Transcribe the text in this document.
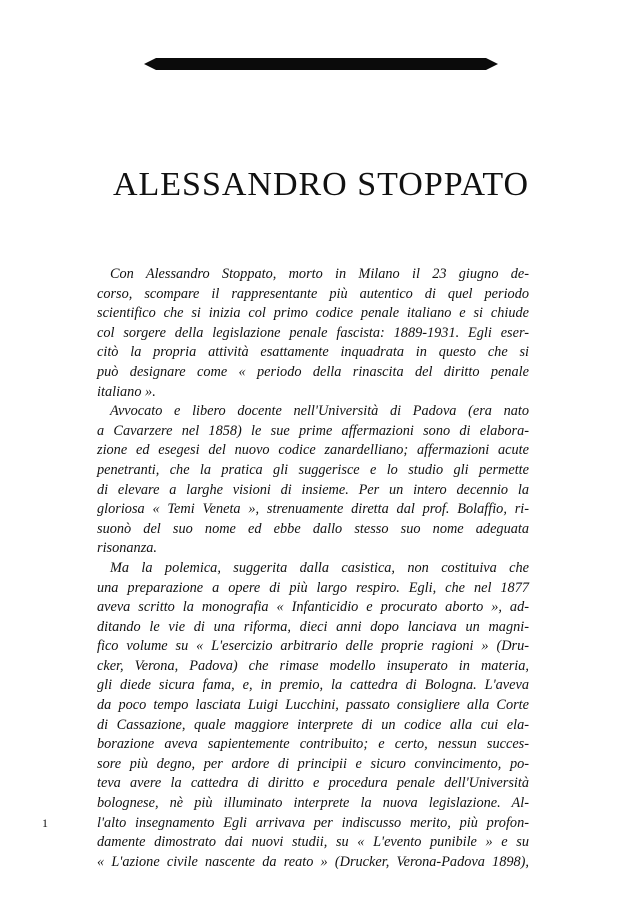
ALESSANDRO STOPPATO
Con Alessandro Stoppato, morto in Milano il 23 giugno de-
corso, scompare il rappresentante più autentico di quel periodo
scientifico che si inizia col primo codice penale italiano e si chiude
col sorgere della legislazione penale fascista: 1889-1931. Egli eser-
citò la propria attività esattamente inquadrata in questo che si
può designare come « periodo della rinascita del diritto penale
italiano ».
Avvocato e libero docente nell'Università di Padova (era nato
a Cavarzere nel 1858) le sue prime affermazioni sono di elabora-
zione ed esegesi del nuovo codice zanardelliano; affermazioni acute
penetranti, che la pratica gli suggerisce e lo studio gli permette
di elevare a larghe visioni di insieme. Per un intero decennio la
gloriosa « Temi Veneta », strenuamente diretta dal prof. Bolaffio, ri-
suonò del suo nome ed ebbe dallo stesso suo nome adeguata
risonanza.
Ma la polemica, suggerita dalla casistica, non costituiva che
una preparazione a opere di più largo respiro. Egli, che nel 1877
aveva scritto la monografia « Infanticidio e procurato aborto », ad-
ditando le vie di una riforma, dieci anni dopo lanciava un magni-
fico volume su « L'esercizio arbitrario delle proprie ragioni » (Dru-
cker, Verona, Padova) che rimase modello insuperato in materia,
gli diede sicura fama, e, in premio, la cattedra di Bologna. L'aveva
da poco tempo lasciata Luigi Lucchini, passato consigliere alla Corte
di Cassazione, quale maggiore interprete di un codice alla cui ela-
borazione aveva sapientemente contribuito; e certo, nessun succes-
sore più degno, per ardore di principii e sicuro convincimento, po-
teva avere la cattedra di diritto e procedura penale dell'Università
bolognese, nè più illuminato interprete la nuova legislazione. Al-
l'alto insegnamento Egli arrivava per indiscusso merito, più profon-
damente dimostrato dai nuovi studii, su « L'evento punibile » e su
« L'azione civile nascente da reato » (Drucker, Verona-Padova 1898),
1
